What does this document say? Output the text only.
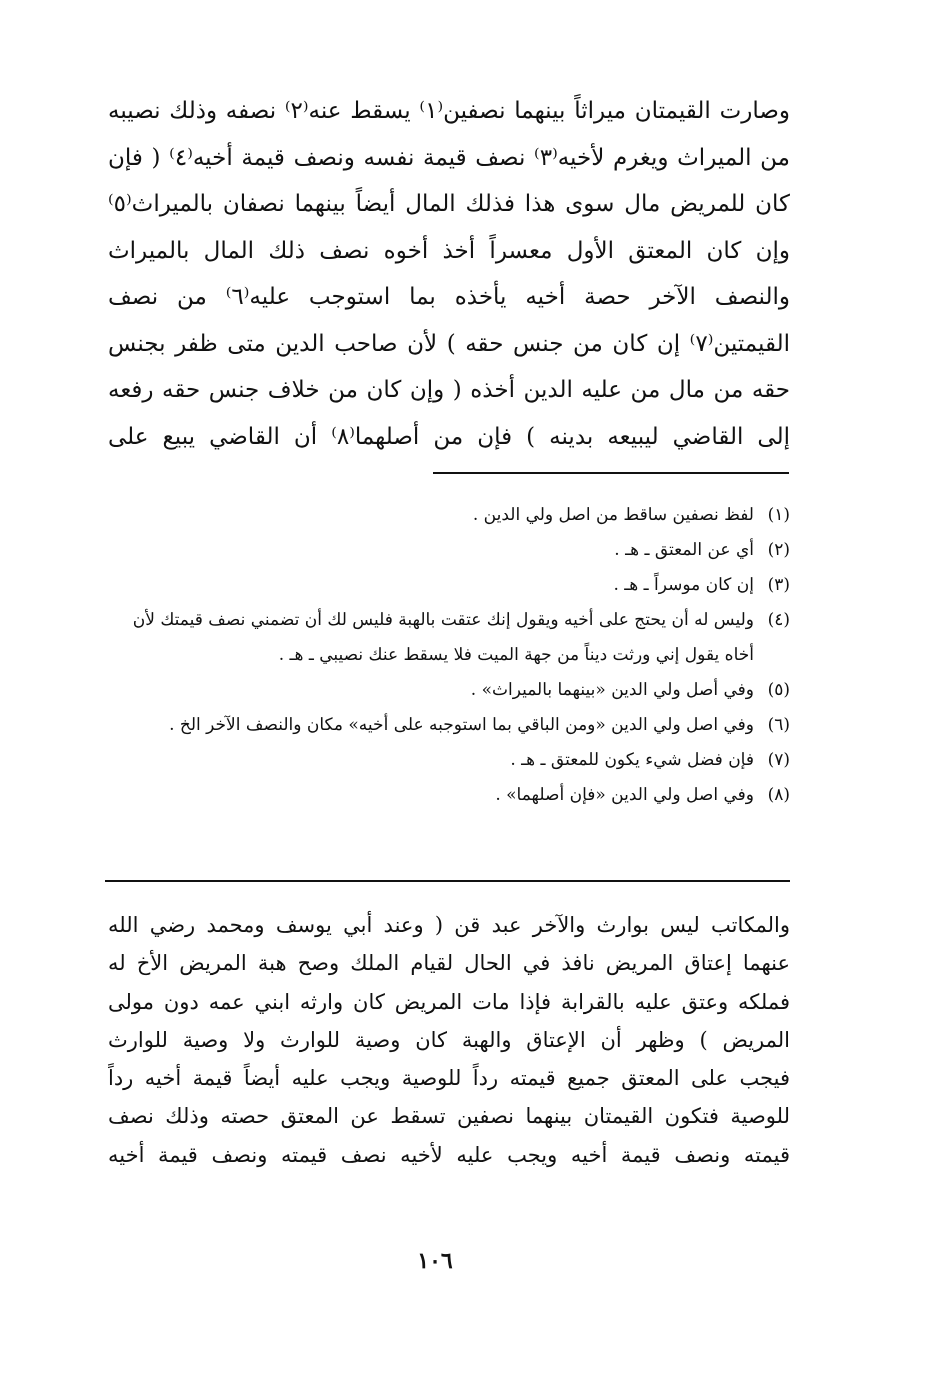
وصارت القيمتان ميراثاً بينهما نصفين⁽١⁾ يسقط عنه⁽٢⁾ نصفه وذلك نصيبه
من الميراث ويغرم لأخيه⁽٣⁾ نصف قيمة نفسه ونصف قيمة أخيه⁽٤⁾ ( فإن
كان للمريض مال سوى هذا فذلك المال أيضاً بينهما نصفان بالميراث⁽٥⁾
وإن كان المعتق الأول معسراً أخذ أخوه نصف ذلك المال بالميراث
والنصف الآخر حصة أخيه يأخذه بما استوجب عليه⁽٦⁾ من نصف
القيمتين⁽٧⁾ إن كان من جنس حقه ) لأن صاحب الدين متى ظفر بجنس
حقه من مال من عليه الدين أخذه ( وإن كان من خلاف جنس حقه رفعه
إلى القاضي ليبيعه بدينه ) فإن من أصلهما⁽٨⁾ أن القاضي يبيع على
(١)
لفظ نصفين ساقط من اصل ولي الدين .
(٢)
أي عن المعتق ـ هـ .
(٣)
إن كان موسراً ـ هـ .
(٤)
وليس له أن يحتج على أخيه ويقول إنك عتقت بالهبة فليس لك أن تضمني نصف قيمتك لأن أخاه يقول إني ورثت ديناً من جهة الميت فلا يسقط عنك نصيبي ـ هـ .
(٥)
وفي أصل ولي الدين «بينهما بالميراث» .
(٦)
وفي اصل ولي الدين «ومن الباقي بما استوجبه على أخيه» مكان والنصف الآخر الخ .
(٧)
فإن فضل شيء يكون للمعتق ـ هـ .
(٨)
وفي اصل ولي الدين «فإن أصلهما» .
والمكاتب ليس بوارث والآخر عبد قن ( وعند أبي يوسف ومحمد رضي الله
عنهما إعتاق المريض نافذ في الحال لقيام الملك وصح هبة المريض الأخ له
فملكه وعتق عليه بالقرابة فإذا مات المريض كان وارثه ابني عمه دون مولى
المريض ) وظهر أن الإعتاق والهبة كان وصية للوارث ولا وصية للوارث
فيجب على المعتق جميع قيمته رداً للوصية ويجب عليه أيضاً قيمة أخيه رداً
للوصية فتكون القيمتان بينهما نصفين تسقط عن المعتق حصته وذلك نصف
قيمته ونصف قيمة أخيه ويجب عليه لأخيه نصف قيمته ونصف قيمة أخيه
١٠٦
